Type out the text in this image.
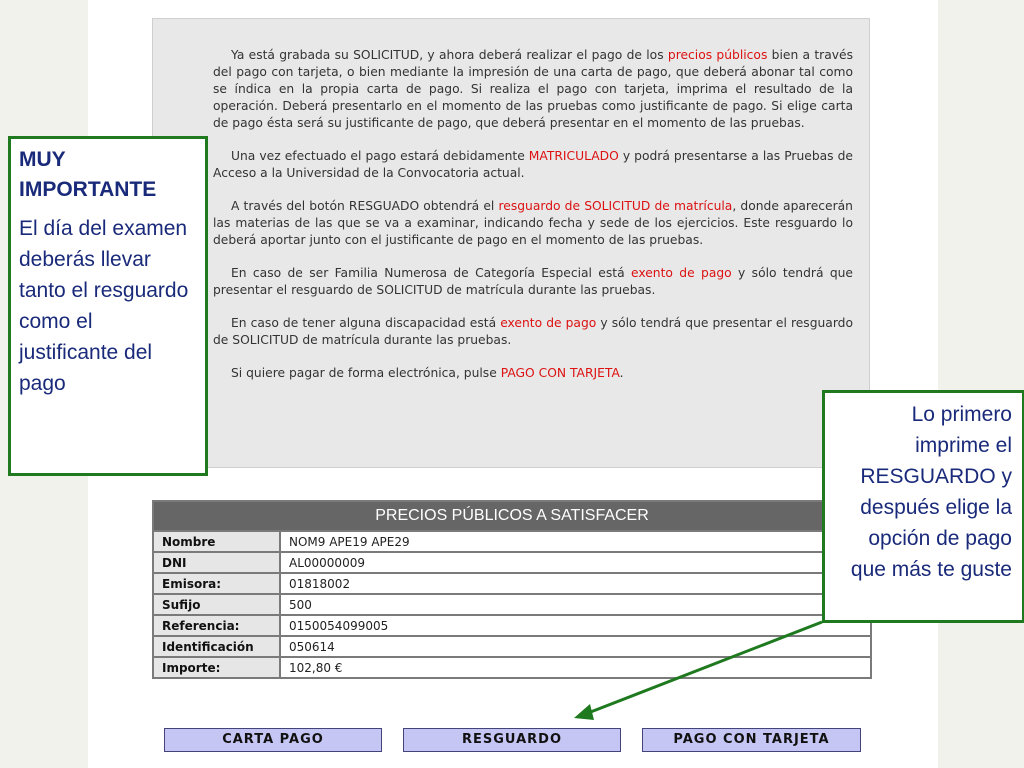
Ya está grabada su SOLICITUD, y ahora deberá realizar el pago de los precios públicos bien a través del pago con tarjeta, o bien mediante la impresión de una carta de pago, que deberá abonar tal como se índica en la propia carta de pago. Si realiza el pago con tarjeta, imprima el resultado de la operación. Deberá presentarlo en el momento de las pruebas como justificante de pago. Si elige carta de pago ésta será su justificante de pago, que deberá presentar en el momento de las pruebas.

Una vez efectuado el pago estará debidamente MATRICULADO y podrá presentarse a las Pruebas de Acceso a la Universidad de la Convocatoria actual.

A través del botón RESGUADO obtendrá el resguardo de SOLICITUD de matrícula, donde aparecerán las materias de las que se va a examinar, indicando fecha y sede de los ejercicios. Este resguardo lo deberá aportar junto con el justificante de pago en el momento de las pruebas.

En caso de ser Familia Numerosa de Categoría Especial está exento de pago y sólo tendrá que presentar el resguardo de SOLICITUD de matrícula durante las pruebas.

En caso de tener alguna discapacidad está exento de pago y sólo tendrá que presentar el resguardo de SOLICITUD de matrícula durante las pruebas.

Si quiere pagar de forma electrónica, pulse PAGO CON TARJETA.

MUY IMPORTANTE
El día del examen deberás llevar tanto el resguardo como el justificante del pago
PRECIOS PÚBLICOS A SATISFACER	
Nombre	NOM9 APE19 APE29
DNI	AL00000009
Emisora:	01818002
Sufijo	500
Referencia:	0150054099005
Identificación	050614
Importe:	102,80 €
Lo primero imprime el RESGUARDO y después elige la opción de pago que más te guste
CARTA PAGO	RESGUARDO	PAGO CON TARJETA
